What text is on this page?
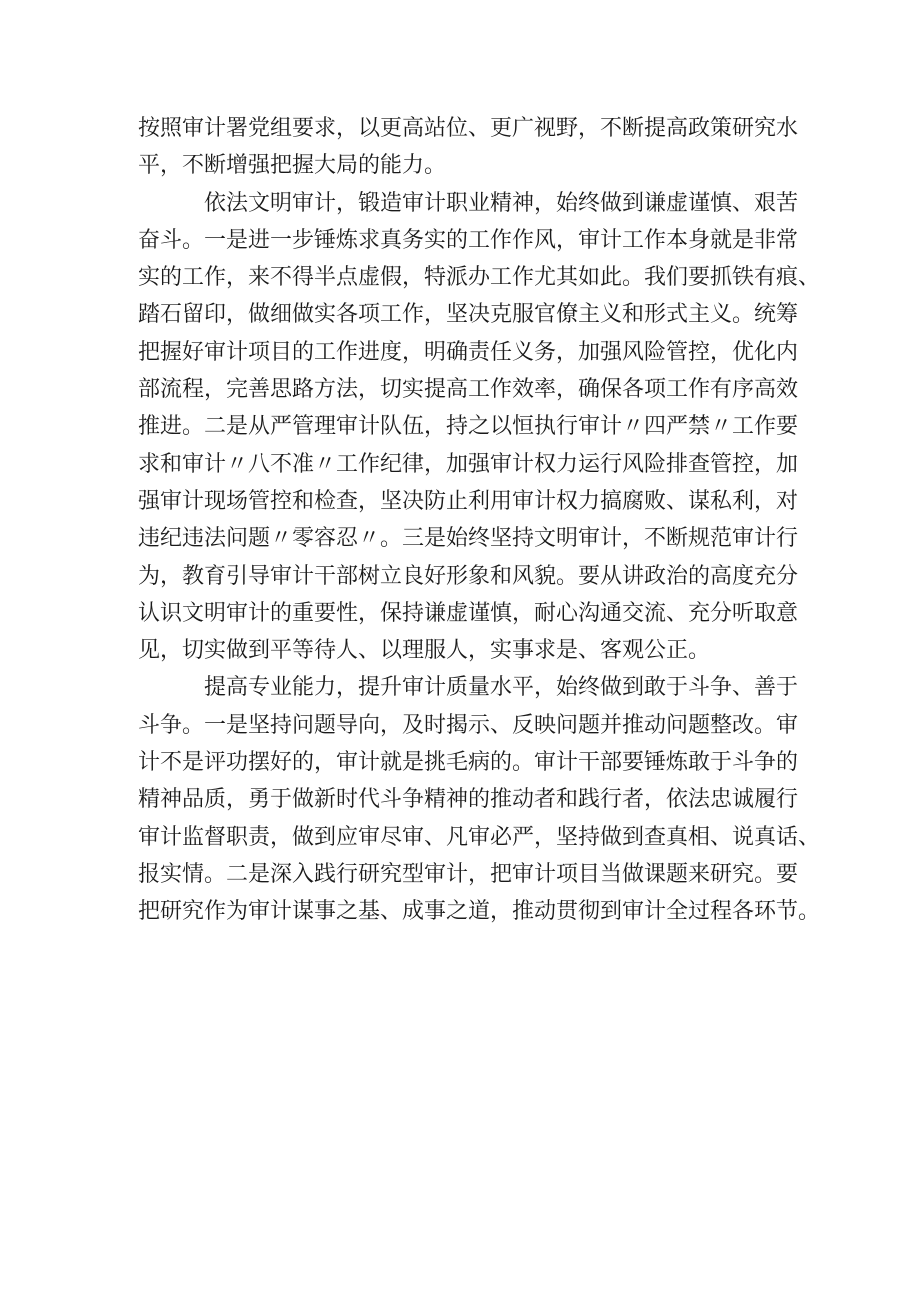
按照审计署党组要求，以更高站位、更广视野，不断提高政策研究水
平，不断增强把握大局的能力。
依法文明审计，锻造审计职业精神，始终做到谦虚谨慎、艰苦
奋斗。一是进一步锤炼求真务实的工作作风，审计工作本身就是非常
实的工作，来不得半点虚假，特派办工作尤其如此。我们要抓铁有痕、
踏石留印，做细做实各项工作，坚决克服官僚主义和形式主义。统筹
把握好审计项目的工作进度，明确责任义务，加强风险管控，优化内
部流程，完善思路方法，切实提高工作效率，确保各项工作有序高效
推进。二是从严管理审计队伍，持之以恒执行审计〃四严禁〃工作要
求和审计〃八不准〃工作纪律，加强审计权力运行风险排查管控，加
强审计现场管控和检查，坚决防止利用审计权力搞腐败、谋私利，对
违纪违法问题〃零容忍〃。三是始终坚持文明审计，不断规范审计行
为，教育引导审计干部树立良好形象和风貌。要从讲政治的高度充分
认识文明审计的重要性，保持谦虚谨慎，耐心沟通交流、充分听取意
见，切实做到平等待人、以理服人，实事求是、客观公正。
提高专业能力，提升审计质量水平，始终做到敢于斗争、善于
斗争。一是坚持问题导向，及时揭示、反映问题并推动问题整改。审
计不是评功摆好的，审计就是挑毛病的。审计干部要锤炼敢于斗争的
精神品质，勇于做新时代斗争精神的推动者和践行者，依法忠诚履行
审计监督职责，做到应审尽审、凡审必严，坚持做到查真相、说真话、
报实情。二是深入践行研究型审计，把审计项目当做课题来研究。要
把研究作为审计谋事之基、成事之道，推动贯彻到审计全过程各环节。
